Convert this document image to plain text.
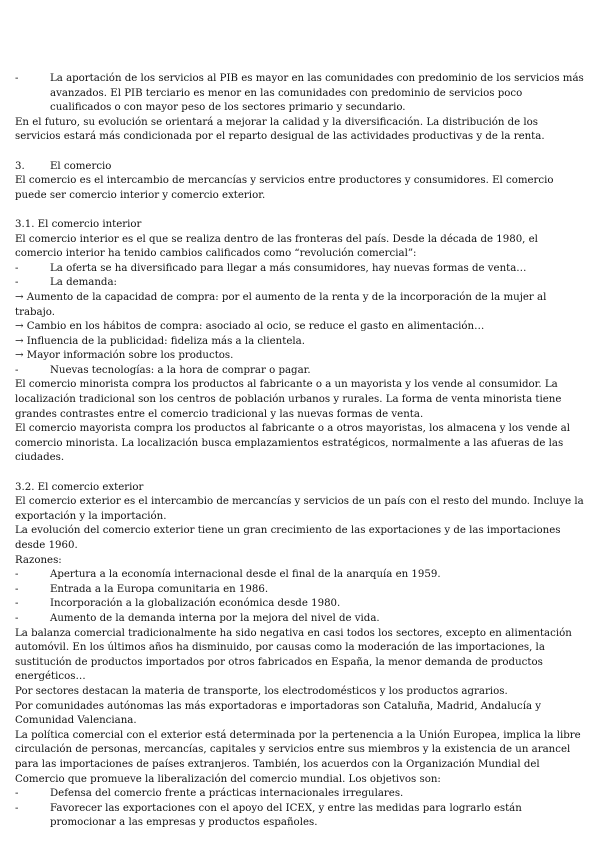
-	La aportación de los servicios al PIB es mayor en las comunidades con predominio de los servicios más avanzados. El PIB terciario es menor en las comunidades con predominio de servicios poco cualificados o con mayor peso de los sectores primario y secundario.

En el futuro, su evolución se orientará a mejorar la calidad y la diversificación. La distribución de los servicios estará más condicionada por el reparto desigual de las actividades productivas y de la renta.

3. El comercio

El comercio es el intercambio de mercancías y servicios entre productores y consumidores. El comercio puede ser comercio interior y comercio exterior.

3.1. El comercio interior

El comercio interior es el que se realiza dentro de las fronteras del país. Desde la década de 1980, el comercio interior ha tenido cambios calificados como “revolución comercial”:

-	La oferta se ha diversificado para llegar a más consumidores, hay nuevas formas de venta…

-	La demanda:

→ Aumento de la capacidad de compra: por el aumento de la renta y de la incorporación de la mujer al trabajo.

→ Cambio en los hábitos de compra: asociado al ocio, se reduce el gasto en alimentación…

→ Influencia de la publicidad: fideliza más a la clientela.

→ Mayor información sobre los productos.

-	Nuevas tecnologías: a la hora de comprar o pagar.

El comercio minorista compra los productos al fabricante o a un mayorista y los vende al consumidor. La localización tradicional son los centros de población urbanos y rurales. La forma de venta minorista tiene grandes contrastes entre el comercio tradicional y las nuevas formas de venta.

El comercio mayorista compra los productos al fabricante o a otros mayoristas, los almacena y los vende al comercio minorista. La localización busca emplazamientos estratégicos, normalmente a las afueras de las ciudades.

3.2. El comercio exterior

El comercio exterior es el intercambio de mercancías y servicios de un país con el resto del mundo. Incluye la exportación y la importación.

La evolución del comercio exterior tiene un gran crecimiento de las exportaciones y de las importaciones desde 1960.

Razones:

-	Apertura a la economía internacional desde el final de la anarquía en 1959.

-	Entrada a la Europa comunitaria en 1986.

-	Incorporación a la globalización económica desde 1980.

-	Aumento de la demanda interna por la mejora del nivel de vida.

La balanza comercial tradicionalmente ha sido negativa en casi todos los sectores, excepto en alimentación automóvil. En los últimos años ha disminuido, por causas como la moderación de las importaciones, la sustitución de productos importados por otros fabricados en España, la menor demanda de productos energéticos…

Por sectores destacan la materia de transporte, los electrodomésticos y los productos agrarios.

Por comunidades autónomas las más exportadoras e importadoras son Cataluña, Madrid, Andalucía y Comunidad Valenciana.

La política comercial con el exterior está determinada por la pertenencia a la Unión Europea, implica la libre circulación de personas, mercancías, capitales y servicios entre sus miembros y la existencia de un arancel para las importaciones de países extranjeros. También, los acuerdos con la Organización Mundial del Comercio que promueve la liberalización del comercio mundial. Los objetivos son:

-	Defensa del comercio frente a prácticas internacionales irregulares.

-	Favorecer las exportaciones con el apoyo del ICEX, y entre las medidas para lograrlo están promocionar a las empresas y productos españoles.
